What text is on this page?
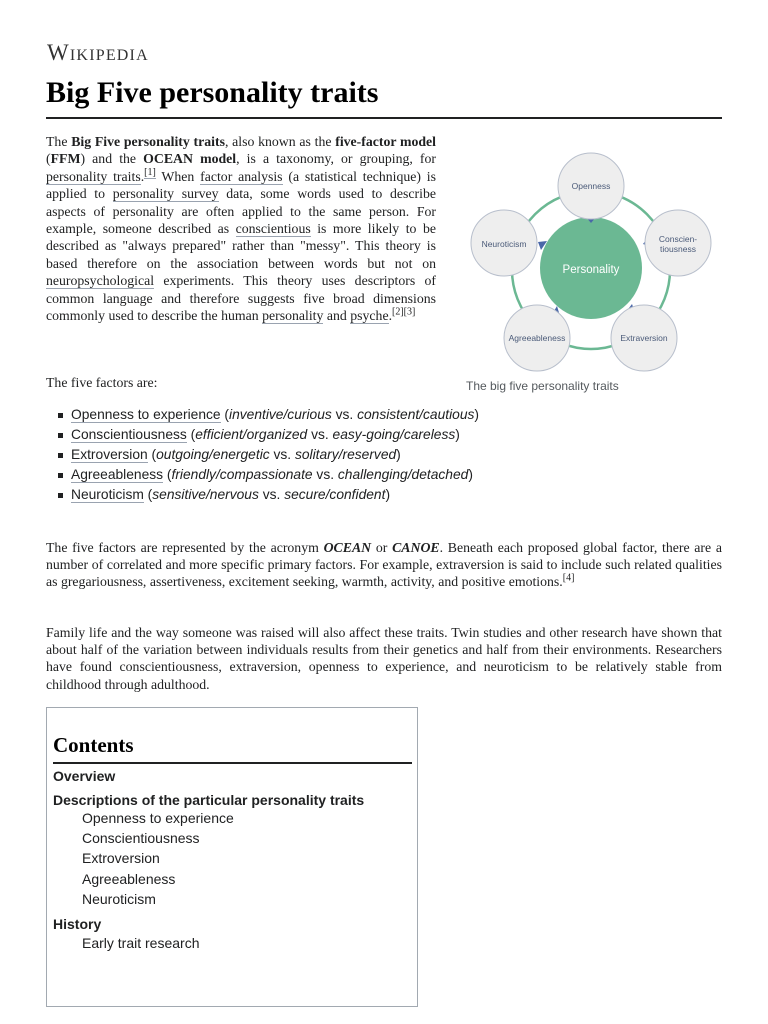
Wikipedia
Big Five personality traits

The Big Five personality traits, also known as the five-factor model (FFM) and the OCEAN model, is a taxonomy, or grouping, for personality traits.[1] When factor analysis (a statistical technique) is applied to personality survey data, some words used to describe aspects of personality are often applied to the same person. For example, someone described as conscientious is more likely to be described as "always prepared" rather than "messy". This theory is based therefore on the association between words but not on neuropsychological experiments. This theory uses descriptors of common language and therefore suggests five broad dimensions commonly used to describe the human personality and psyche.[2][3]

Personality
Openness
Conscien-
tiousness
Extraversion
Agreeableness
Neuroticism
The big five personality traits

The five factors are:

Openness to experience (inventive/curious vs. consistent/cautious)
Conscientiousness (efficient/organized vs. easy-going/careless)
Extroversion (outgoing/energetic vs. solitary/reserved)
Agreeableness (friendly/compassionate vs. challenging/detached)
Neuroticism (sensitive/nervous vs. secure/confident)

The five factors are represented by the acronym OCEAN or CANOE. Beneath each proposed global factor, there are a number of correlated and more specific primary factors. For example, extraversion is said to include such related qualities as gregariousness, assertiveness, excitement seeking, warmth, activity, and positive emotions.[4]

Family life and the way someone was raised will also affect these traits. Twin studies and other research have shown that about half of the variation between individuals results from their genetics and half from their environments. Researchers have found conscientiousness, extraversion, openness to experience, and neuroticism to be relatively stable from childhood through adulthood.

Contents
Overview
Descriptions of the particular personality traits
Openness to experience
Conscientiousness
Extroversion
Agreeableness
Neuroticism
History
Early trait research
